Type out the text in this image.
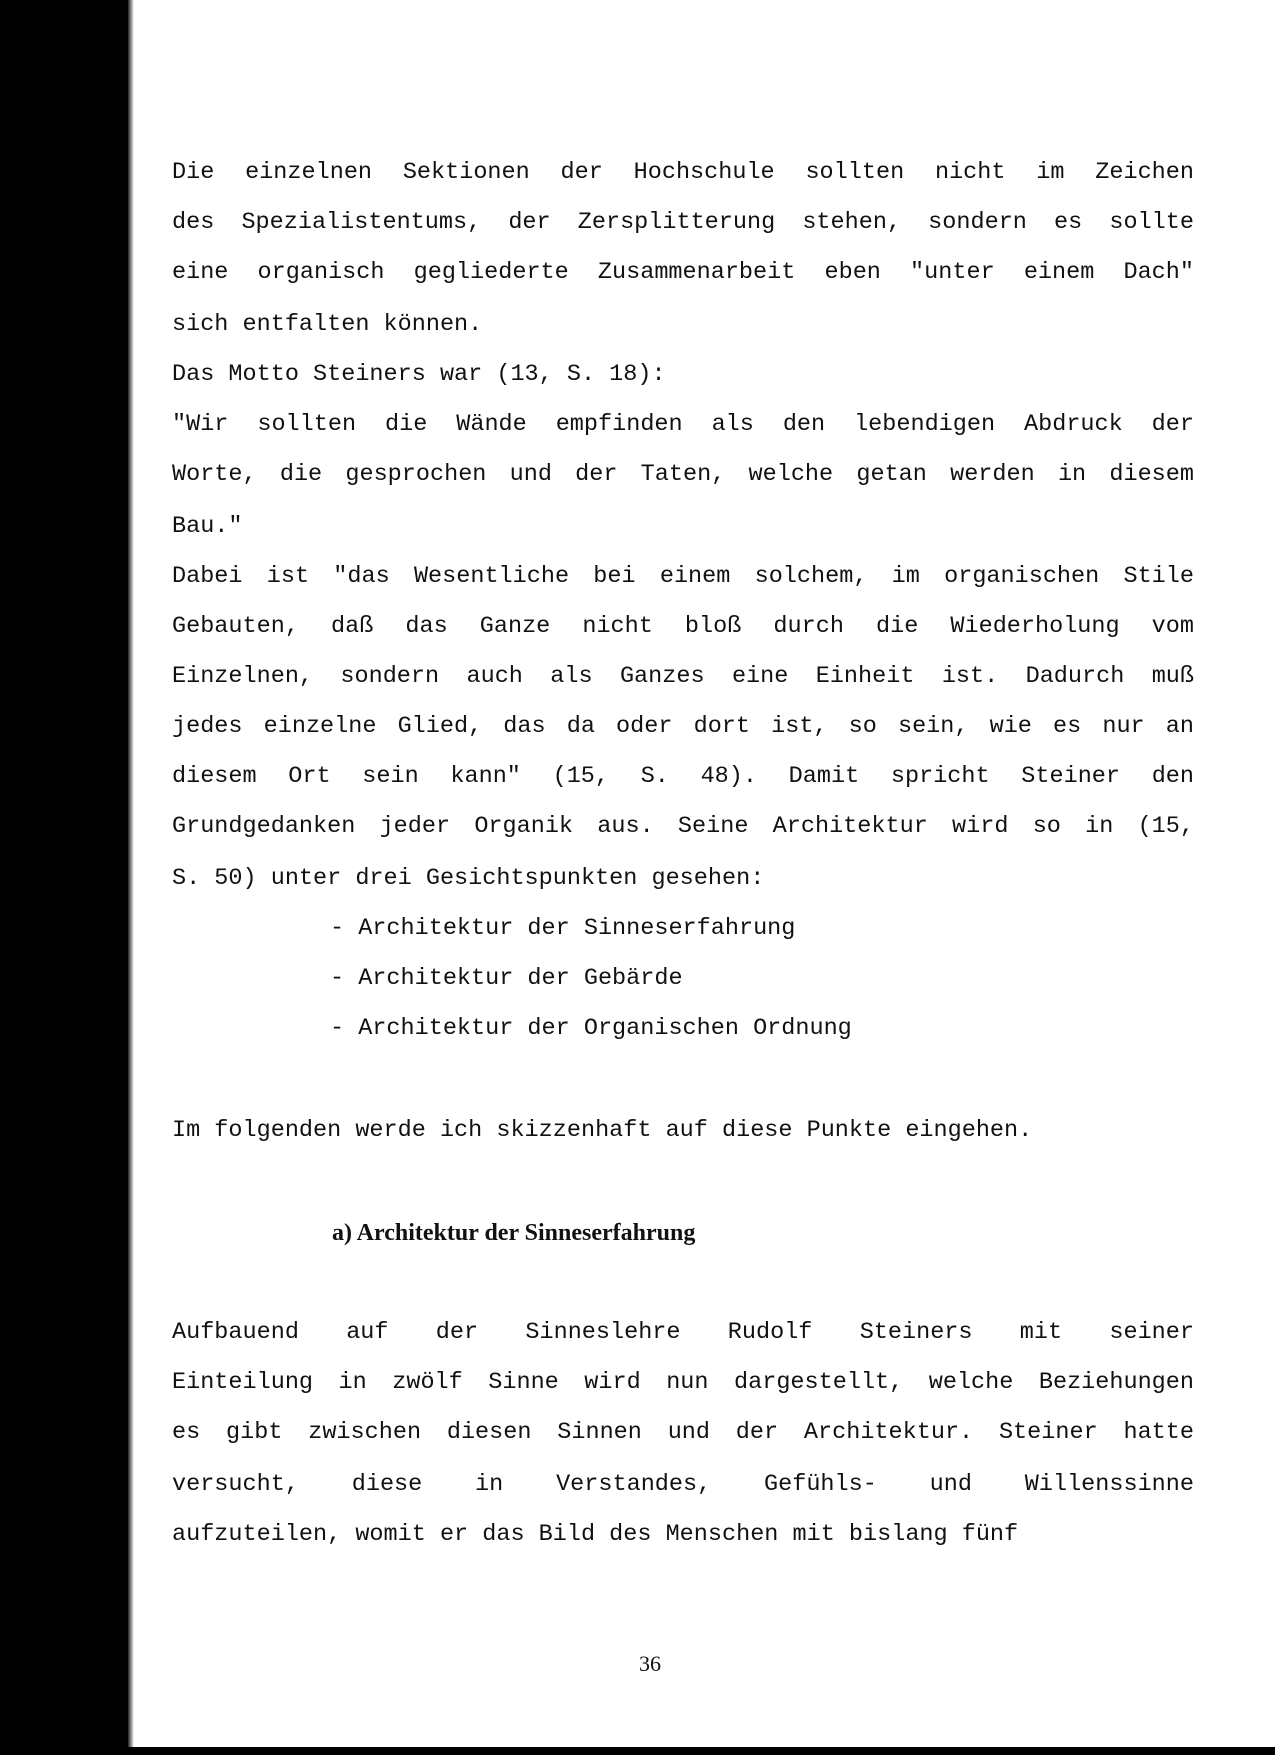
Die einzelnen Sektionen der Hochschule sollten nicht im Zeichen

des Spezialistentums, der Zersplitterung stehen, sondern es sollte

eine organisch gegliederte Zusammenarbeit eben "unter einem Dach"

sich entfalten können.

Das Motto Steiners war (13, S. 18):

"Wir sollten die Wände empfinden als den lebendigen Abdruck der

Worte, die gesprochen und der Taten, welche getan werden in diesem

Bau."

Dabei ist "das Wesentliche bei einem solchem, im organischen Stile

Gebauten, daß das Ganze nicht bloß durch die Wiederholung vom

Einzelnen, sondern auch als Ganzes eine Einheit ist. Dadurch muß

jedes einzelne Glied, das da oder dort ist, so sein, wie es nur an

diesem Ort sein kann" (15, S. 48). Damit spricht Steiner den

Grundgedanken jeder Organik aus. Seine Architektur wird so in (15,

S. 50) unter drei Gesichtspunkten gesehen:

- Architektur der Sinneserfahrung

- Architektur der Gebärde

- Architektur der Organischen Ordnung

Im folgenden werde ich skizzenhaft auf diese Punkte eingehen.

a) Architektur der Sinneserfahrung

Aufbauend auf der Sinneslehre Rudolf Steiners mit seiner

Einteilung in zwölf Sinne wird nun dargestellt, welche Beziehungen

es gibt zwischen diesen Sinnen und der Architektur. Steiner hatte

versucht, diese in Verstandes, Gefühls- und Willenssinne

aufzuteilen, womit er das Bild des Menschen mit bislang fünf

36
